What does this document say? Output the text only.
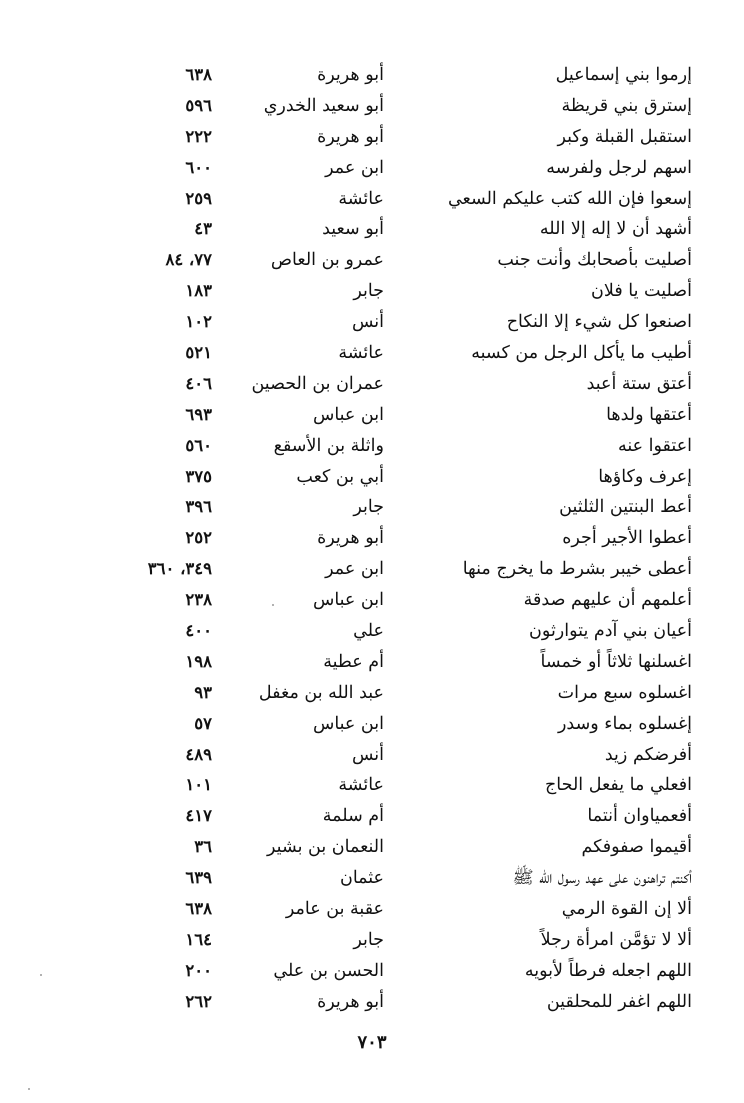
إرموا بني إسماعيل
أبو هريرة
٦٣٨
إسترق بني قريظة
أبو سعيد الخدري
٥٩٦
استقبل القبلة وكبر
أبو هريرة
٢٢٢
اسهم لرجل ولفرسه
ابن عمر
٦٠٠
إسعوا فإن الله كتب عليكم السعي
عائشة
٢٥٩
أشهد أن لا إله إلا الله
أبو سعيد
٤٣
أصليت بأصحابك وأنت جنب
عمرو بن العاص
٧٧، ٨٤
أصليت يا فلان
جابر
١٨٣
اصنعوا كل شيء إلا النكاح
أنس
١٠٢
أطيب ما يأكل الرجل من كسبه
عائشة
٥٢١
أعتق ستة أعبد
عمران بن الحصين
٤٠٦
أعتقها ولدها
ابن عباس
٦٩٣
اعتقوا عنه
واثلة بن الأسقع
٥٦٠
إعرف وكاؤها
أبي بن كعب
٣٧٥
أعط البنتين الثلثين
جابر
٣٩٦
أعطوا الأجير أجره
أبو هريرة
٢٥٢
أعطى خيبر بشرط ما يخرج منها
ابن عمر
٣٤٩، ٣٦٠
أعلمهم أن عليهم صدقة
ابن عباس
٢٣٨
أعيان بني آدم يتوارثون
علي
٤٠٠
اغسلنها ثلاثاً أو خمساً
أم عطية
١٩٨
اغسلوه سبع مرات
عبد الله بن مغفل
٩٣
إغسلوه بماء وسدر
ابن عباس
٥٧
أفرضكم زيد
أنس
٤٨٩
افعلي ما يفعل الحاج
عائشة
١٠١
أفعمياوان أنتما
أم سلمة
٤١٧
أقيموا صفوفكم
النعمان بن بشير
٣٦
أكنتم تراهنون على عهد رسول الله ﷺ
عثمان
٦٣٩
ألا إن القوة الرمي
عقبة بن عامر
٦٣٨
ألا لا تؤمَّن امرأة رجلاً
جابر
١٦٤
اللهم اجعله فرطاً لأبويه
الحسن بن علي
٢٠٠
اللهم اغفر للمحلقين
أبو هريرة
٢٦٢
٧٠٣
